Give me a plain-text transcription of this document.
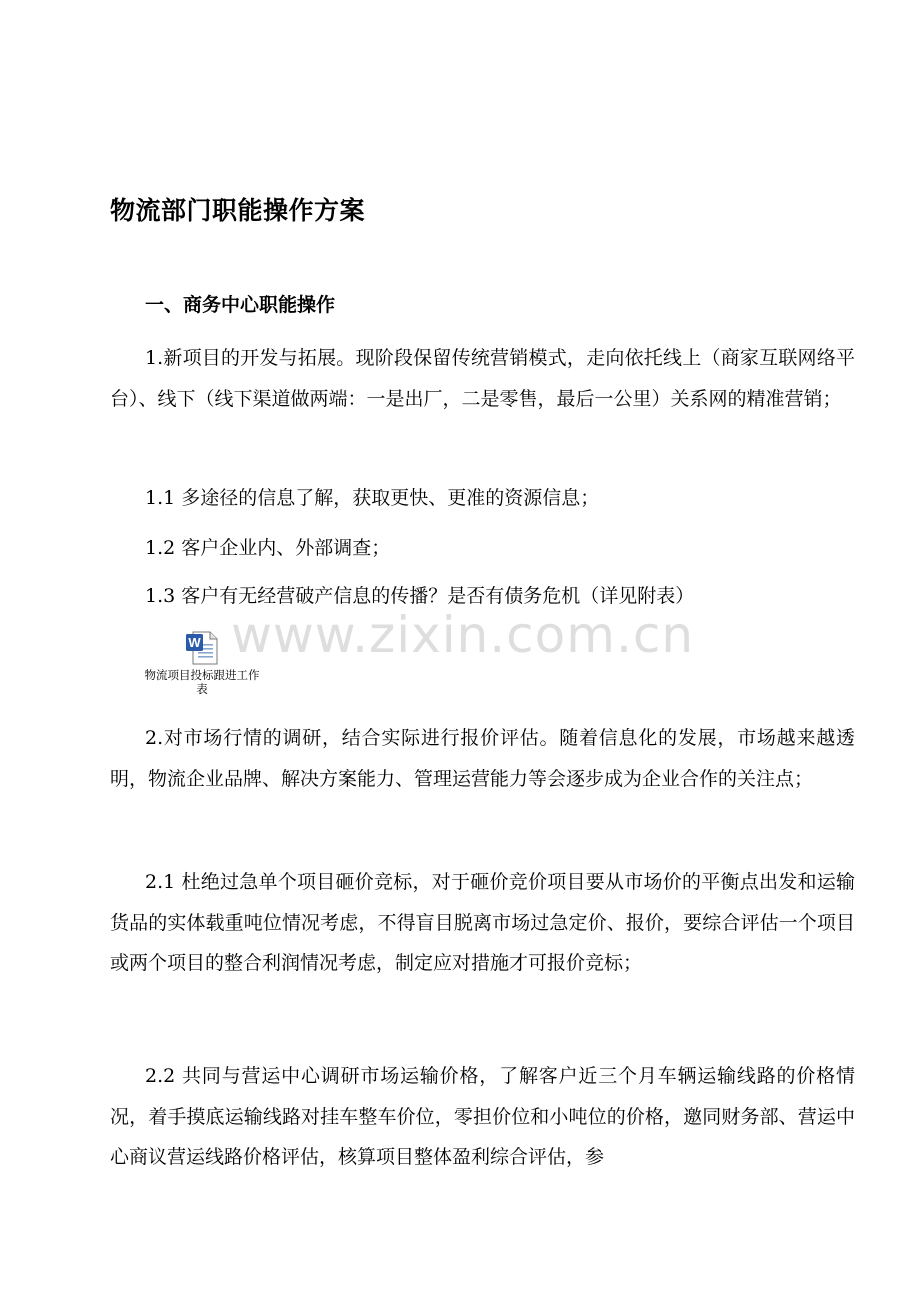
www.zixin.com.cn
物流部门职能操作方案
一、商务中心职能操作

1.新项目的开发与拓展。现阶段保留传统营销模式，走向依托线上（商家互联网络平台）、线下（线下渠道做两端：一是出厂，二是零售，最后一公里）关系网的精准营销；

1.1 多途径的信息了解，获取更快、更准的资源信息；

1.2 客户企业内、外部调查；

1.3 客户有无经营破产信息的传播？是否有债务危机（详见附表）

W
物流项目投标跟进工作表

2.对市场行情的调研，结合实际进行报价评估。随着信息化的发展，市场越来越透明，物流企业品牌、解决方案能力、管理运营能力等会逐步成为企业合作的关注点；

2.1 杜绝过急单个项目砸价竞标，对于砸价竞价项目要从市场价的平衡点出发和运输货品的实体载重吨位情况考虑，不得盲目脱离市场过急定价、报价，要综合评估一个项目或两个项目的整合利润情况考虑，制定应对措施才可报价竞标；

2.2 共同与营运中心调研市场运输价格，了解客户近三个月车辆运输线路的价格情况，着手摸底运输线路对挂车整车价位，零担价位和小吨位的价格，邀同财务部、营运中心商议营运线路价格评估，核算项目整体盈利综合评估，参
